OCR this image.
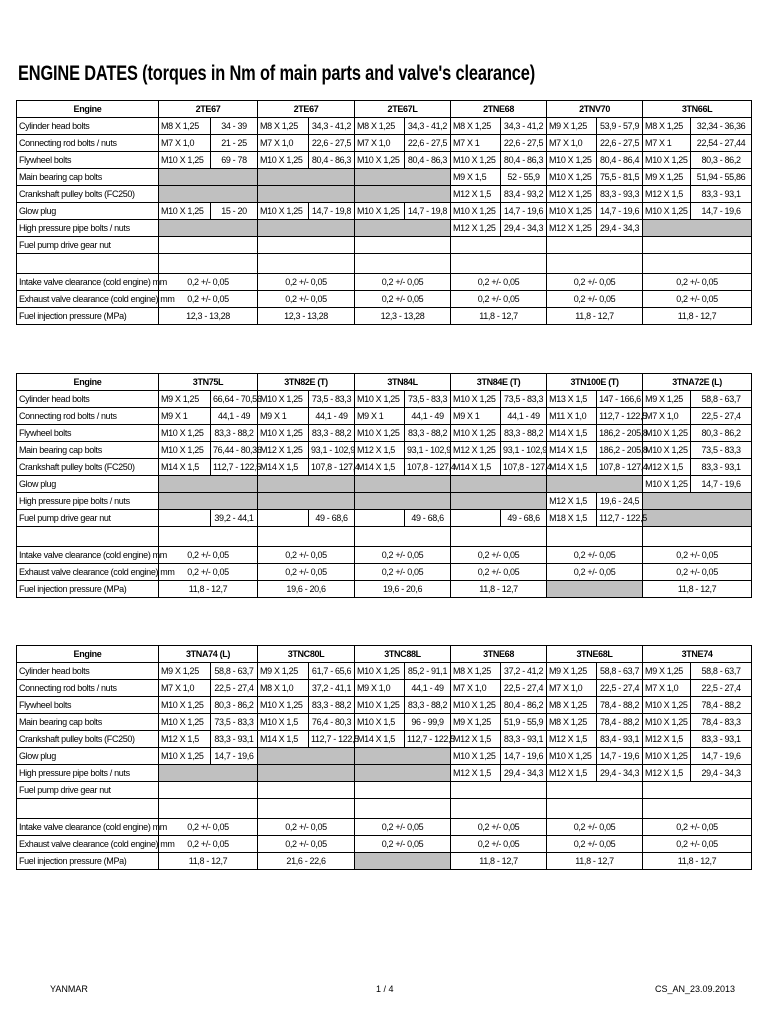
ENGINE DATES (torques in Nm of main parts and valve's clearance)
Engine	2TE67		2TE67		2TE67L		2TNE68		2TNV70		3TN66L	
Cylinder head bolts	M8 X 1,25	34 - 39	M8 X 1,25	34,3 - 41,2	M8 X 1,25	34,3 - 41,2	M8 X 1,25	34,3 - 41,2	M9 X 1,25	53,9 - 57,9	M8 X 1,25	32,34 - 36,36
Connecting rod bolts / nuts	M7 X 1,0	21 - 25	M7 X 1,0	22,6 - 27,5	M7 X 1,0	22,6 - 27,5	M7 X 1	22,6 - 27,5	M7 X 1,0	22,6 - 27,5	M7 X 1	22,54 - 27,44
Flywheel bolts	M10 X 1,25	69 - 78	M10 X 1,25	80,4 - 86,3	M10 X 1,25	80,4 - 86,3	M10 X 1,25	80,4 - 86,3	M10 X 1,25	80,4 - 86,4	M10 X 1,25	80,3 - 86,2
Main bearing cap bolts							M9 X 1,5	52 - 55,9	M10 X 1,25	75,5 - 81,5	M9 X 1,25	51,94 - 55,86
Crankshaft pulley bolts (FC250)							M12 X 1,5	83,4 - 93,2	M12 X 1,25	83,3 - 93,3	M12 X 1,5	83,3 - 93,1
Glow plug	M10 X 1,25	15 - 20	M10 X 1,25	14,7 - 19,8	M10 X 1,25	14,7 - 19,8	M10 X 1,25	14,7 - 19,6	M10 X 1,25	14,7 - 19,6	M10 X 1,25	14,7 - 19,6
High pressure pipe bolts / nuts							M12 X 1,25	29,4 - 34,3	M12 X 1,25	29,4 - 34,3		
Fuel pump drive gear nut												

Intake valve clearance (cold engine) mm	0,2 +/- 0,05		0,2 +/- 0,05		0,2 +/- 0,05		0,2 +/- 0,05		0,2 +/- 0,05		0,2 +/- 0,05	
Exhaust valve clearance (cold engine) mm	0,2 +/- 0,05		0,2 +/- 0,05		0,2 +/- 0,05		0,2 +/- 0,05		0,2 +/- 0,05		0,2 +/- 0,05	
Fuel injection pressure (MPa)	12,3 - 13,28		12,3 - 13,28		12,3 - 13,28		11,8 - 12,7		11,8 - 12,7		11,8 - 12,7	
Engine	3TN75L		3TN82E (T)		3TN84L		3TN84E (T)		3TN100E (T)		3TNA72E (L)	
Cylinder head bolts	M9 X 1,25	66,64 - 70,56	M10 X 1,25	73,5 - 83,3	M10 X 1,25	73,5 - 83,3	M10 X 1,25	73,5 - 83,3	M13 X 1,5	147 - 166,6	M9 X 1,25	58,8 - 63,7
Connecting rod bolts / nuts	M9 X 1	44,1 - 49	M9 X 1	44,1 - 49	M9 X 1	44,1 - 49	M9 X 1	44,1 - 49	M11 X 1,0	112,7 - 122,5	M7 X 1,0	22,5 - 27,4
Flywheel bolts	M10 X 1,25	83,3 - 88,2	M10 X 1,25	83,3 - 88,2	M10 X 1,25	83,3 - 88,2	M10 X 1,25	83,3 - 88,2	M14 X 1,5	186,2 - 205,8	M10 X 1,25	80,3 - 86,2
Main bearing cap bolts	M10 X 1,25	76,44 - 80,36	M12 X 1,25	93,1 - 102,9	M12 X 1,5	93,1 - 102,9	M12 X 1,25	93,1 - 102,9	M14 X 1,5	186,2 - 205,8	M10 X 1,25	73,5 - 83,3
Crankshaft pulley bolts (FC250)	M14 X 1,5	112,7 - 122,5	M14 X 1,5	107,8 - 127,4	M14 X 1,5	107,8 - 127,4	M14 X 1,5	107,8 - 127,4	M14 X 1,5	107,8 - 127,4	M12 X 1,5	83,3 - 93,1
Glow plug											M10 X 1,25	14,7 - 19,6
High pressure pipe bolts / nuts									M12 X 1,5	19,6 - 24,5		
Fuel pump drive gear nut		39,2 - 44,1		49 - 68,6		49 - 68,6		49 - 68,6	M18 X 1,5	112,7 - 122,5		

Intake valve clearance (cold engine) mm	0,2 +/- 0,05		0,2 +/- 0,05		0,2 +/- 0,05		0,2 +/- 0,05		0,2 +/- 0,05		0,2 +/- 0,05	
Exhaust valve clearance (cold engine) mm	0,2 +/- 0,05		0,2 +/- 0,05		0,2 +/- 0,05		0,2 +/- 0,05		0,2 +/- 0,05		0,2 +/- 0,05	
Fuel injection pressure (MPa)	11,8 - 12,7		19,6 - 20,6		19,6 - 20,6		11,8 - 12,7				11,8 - 12,7	
Engine	3TNA74 (L)		3TNC80L		3TNC88L		3TNE68		3TNE68L		3TNE74	
Cylinder head bolts	M9 X 1,25	58,8 - 63,7	M9 X 1,25	61,7 - 65,6	M10 X 1,25	85,2 - 91,1	M8 X 1,25	37,2 - 41,2	M9 X 1,25	58,8 - 63,7	M9 X 1,25	58,8 - 63,7
Connecting rod bolts / nuts	M7 X 1,0	22,5 - 27,4	M8 X 1,0	37,2 - 41,1	M9 X 1,0	44,1 - 49	M7 X 1,0	22,5 - 27,4	M7 X 1,0	22,5 - 27,4	M7 X 1,0	22,5 - 27,4
Flywheel bolts	M10 X 1,25	80,3 - 86,2	M10 X 1,25	83,3 - 88,2	M10 X 1,25	83,3 - 88,2	M10 X 1,25	80,4 - 86,2	M8 X 1,25	78,4 - 88,2	M10 X 1,25	78,4 - 88,2
Main bearing cap bolts	M10 X 1,25	73,5 - 83,3	M10 X 1,5	76,4 - 80,3	M10 X 1,5	96 - 99,9	M9 X 1,25	51,9 - 55,9	M8 X 1,25	78,4 - 88,2	M10 X 1,25	78,4 - 83,3
Crankshaft pulley bolts (FC250)	M12 X 1,5	83,3 - 93,1	M14 X 1,5	112,7 - 122,5	M14 X 1,5	112,7 - 122,5	M12 X 1,5	83,3 - 93,1	M12 X 1,5	83,4 - 93,1	M12 X 1,5	83,3 - 93,1
Glow plug	M10 X 1,25	14,7 - 19,6					M10 X 1,25	14,7 - 19,6	M10 X 1,25	14,7 - 19,6	M10 X 1,25	14,7 - 19,6
High pressure pipe bolts / nuts							M12 X 1,5	29,4 - 34,3	M12 X 1,5	29,4 - 34,3	M12 X 1,5	29,4 - 34,3
Fuel pump drive gear nut												

Intake valve clearance (cold engine) mm	0,2 +/- 0,05		0,2 +/- 0,05		0,2 +/- 0,05		0,2 +/- 0,05		0,2 +/- 0,05		0,2 +/- 0,05	
Exhaust valve clearance (cold engine) mm	0,2 +/- 0,05		0,2 +/- 0,05		0,2 +/- 0,05		0,2 +/- 0,05		0,2 +/- 0,05		0,2 +/- 0,05	
Fuel injection pressure (MPa)	11,8 - 12,7		21,6 - 22,6				11,8 - 12,7		11,8 - 12,7		11,8 - 12,7	
YANMAR	1 / 4	CS_AN_23.09.2013
